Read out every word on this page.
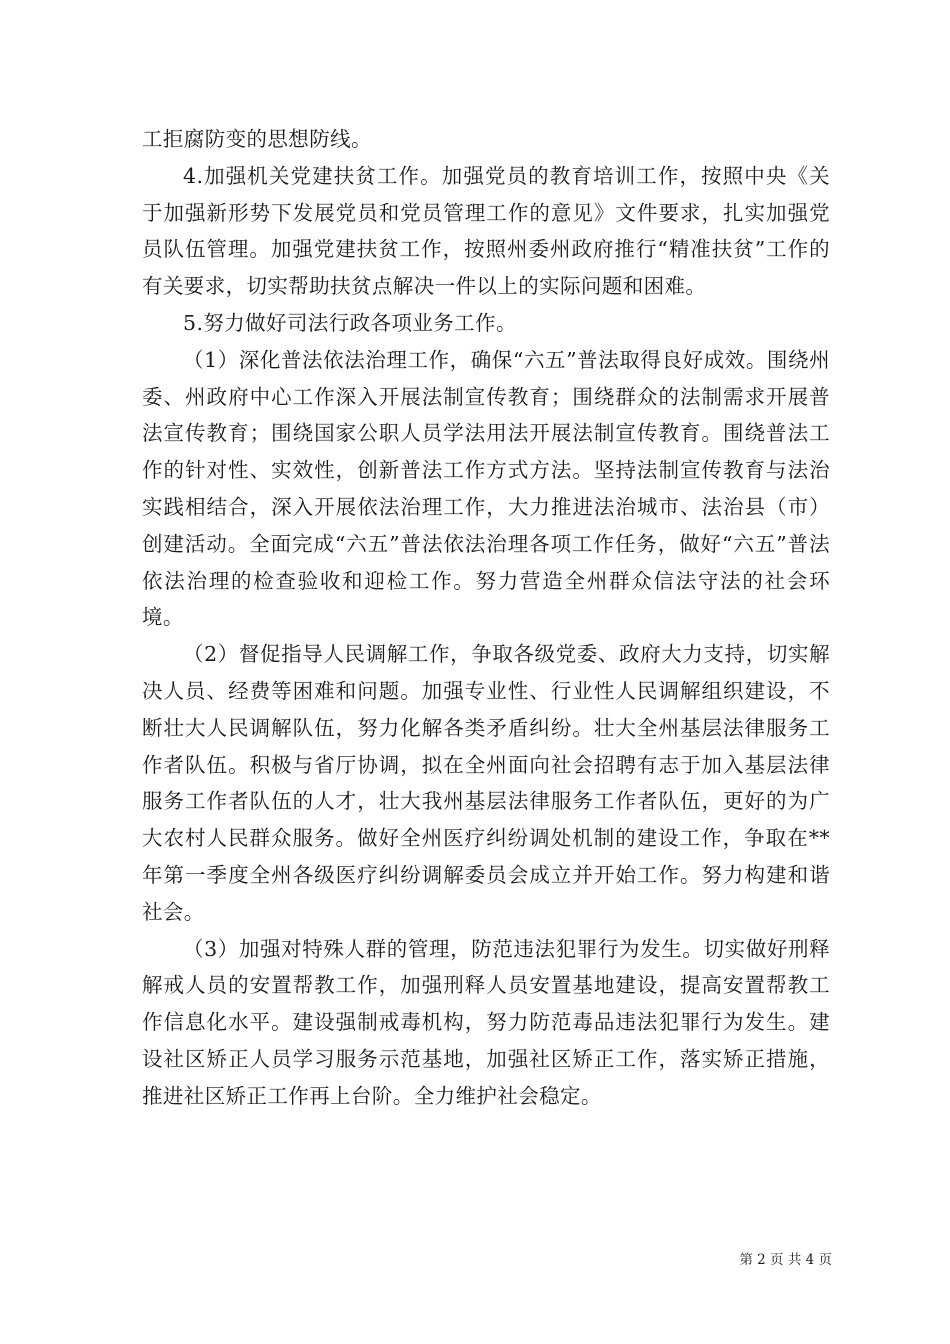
工拒腐防变的思想防线。

4.加强机关党建扶贫工作。加强党员的教育培训工作，按照中央《关于加强新形势下发展党员和党员管理工作的意见》文件要求，扎实加强党员队伍管理。加强党建扶贫工作，按照州委州政府推行“精准扶贫”工作的有关要求，切实帮助扶贫点解决一件以上的实际问题和困难。

5.努力做好司法行政各项业务工作。

（1）深化普法依法治理工作，确保“六五”普法取得良好成效。围绕州委、州政府中心工作深入开展法制宣传教育；围绕群众的法制需求开展普法宣传教育；围绕国家公职人员学法用法开展法制宣传教育。围绕普法工作的针对性、实效性，创新普法工作方式方法。坚持法制宣传教育与法治实践相结合，深入开展依法治理工作，大力推进法治城市、法治县（市）创建活动。全面完成“六五”普法依法治理各项工作任务，做好“六五”普法依法治理的检查验收和迎检工作。努力营造全州群众信法守法的社会环境。

（2）督促指导人民调解工作，争取各级党委、政府大力支持，切实解决人员、经费等困难和问题。加强专业性、行业性人民调解组织建设，不断壮大人民调解队伍，努力化解各类矛盾纠纷。壮大全州基层法律服务工作者队伍。积极与省厅协调，拟在全州面向社会招聘有志于加入基层法律服务工作者队伍的人才，壮大我州基层法律服务工作者队伍，更好的为广大农村人民群众服务。做好全州医疗纠纷调处机制的建设工作，争取在**年第一季度全州各级医疗纠纷调解委员会成立并开始工作。努力构建和谐社会。

（3）加强对特殊人群的管理，防范违法犯罪行为发生。切实做好刑释解戒人员的安置帮教工作，加强刑释人员安置基地建设，提高安置帮教工作信息化水平。建设强制戒毒机构，努力防范毒品违法犯罪行为发生。建设社区矫正人员学习服务示范基地，加强社区矫正工作，落实矫正措施，推进社区矫正工作再上台阶。全力维护社会稳定。

第 2 页 共 4 页
